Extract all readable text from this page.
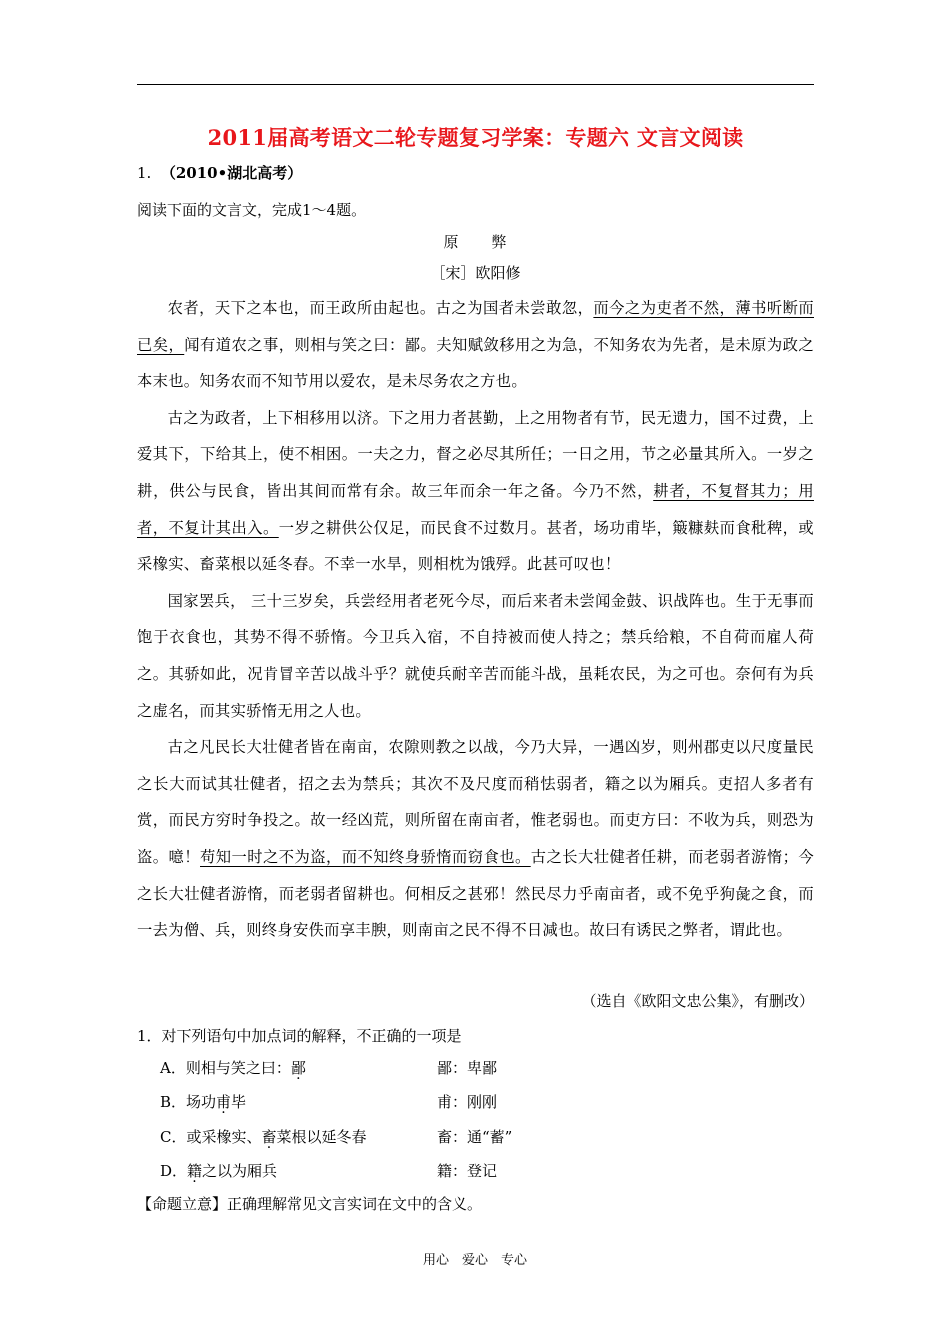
2011届高考语文二轮专题复习学案：专题六 文言文阅读
1. （2010•湖北高考）
阅读下面的文言文，完成1～4题。
原　　弊
［宋］欧阳修

农者，天下之本也，而王政所由起也。古之为国者未尝敢忽，而今之为吏者不然，薄书听断而已矣，闻有道农之事，则相与笑之曰：鄙。夫知赋敛移用之为急，不知务农为先者，是未原为政之本末也。知务农而不知节用以爱农，是未尽务农之方也。

古之为政者，上下相移用以济。下之用力者甚勤，上之用物者有节，民无遗力，国不过费，上爱其下，下给其上，使不相困。一夫之力，督之必尽其所任；一日之用，节之必量其所入。一岁之耕，供公与民食，皆出其间而常有余。故三年而余一年之备。今乃不然，耕者，不复督其力；用者，不复计其出入。一岁之耕供公仅足，而民食不过数月。甚者，场功甫毕，簸糠麸而食秕稗，或采橡实、畜菜根以延冬春。不幸一水旱，则相枕为饿殍。此甚可叹也！

国家罢兵， 三十三岁矣，兵尝经用者老死今尽，而后来者未尝闻金鼓、识战阵也。生于无事而饱于衣食也，其势不得不骄惰。今卫兵入宿，不自持被而使人持之；禁兵给粮，不自荷而雇人荷之。其骄如此，况肯冒辛苦以战斗乎？就使兵耐辛苦而能斗战，虽耗农民，为之可也。奈何有为兵之虚名，而其实骄惰无用之人也。

古之凡民长大壮健者皆在南亩，农隙则教之以战，今乃大异，一遇凶岁，则州郡吏以尺度量民之长大而试其壮健者，招之去为禁兵；其次不及尺度而稍怯弱者，籍之以为厢兵。吏招人多者有赏，而民方穷时争投之。故一经凶荒，则所留在南亩者，惟老弱也。而吏方曰：不收为兵，则恐为盗。噫！苟知一时之不为盗，而不知终身骄惰而窃食也。古之长大壮健者任耕，而老弱者游惰；今之长大壮健者游惰，而老弱者留耕也。何相反之甚邪！然民尽力乎南亩者，或不免乎狗彘之食，而一去为僧、兵，则终身安佚而享丰腴，则南亩之民不得不日减也。故曰有诱民之弊者，谓此也。

（选自《欧阳文忠公集》，有删改）
1．对下列语句中加点词的解释，不正确的一项是
A．则相与笑之曰：鄙	鄙：卑鄙
B．场功甫毕	甫：刚刚
C．或采橡实、畜菜根以延冬春	畜：通“蓄”
D．籍之以为厢兵	籍：登记
【命题立意】正确理解常见文言实词在文中的含义。
用心　爱心　专心
